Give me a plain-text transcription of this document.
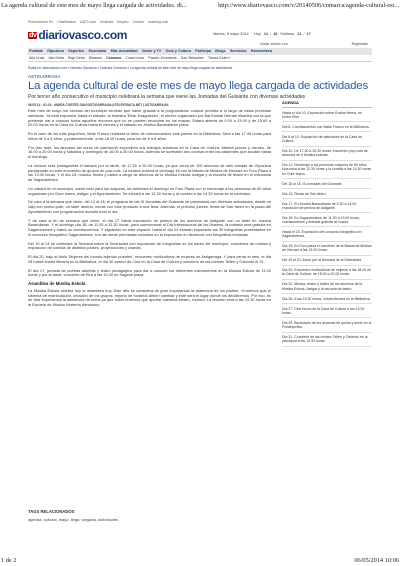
La agenda cultural de este mes de mayo llega cargada de actividades. di...	http://www.diariovasco.com/v/20140506/comarca/agenda-cultural-est...
Promociones DV Clasificados 11870.com Vivienda Empleo Coches muerhoy.com
dv diariovasco.com	Martes, 6 mayo 2014 Hoy 14 / 18 Mañana 12 / 17
Iniciar sesión con	Registrate
Portada Gipuzkoa Deportes Economía Más Actualidad Gente y TV Ocio y Cultura Participa Blogs Servicios Hemeroteca
Alto Urola Alto Deba Bajo Deba Bidasoa Comarca Costa Urola Pasaia -Errenteria San Sebastián Tolosa Goierri
Estás en: diariovasco.com » Noticias Gipuzkoa » Noticias Comarca » La agenda cultural de este mes de mayo llega cargada de actividades
ASTIGARRAGA
La agenda cultural de este mes de mayo llega cargada de actividades
Por tercer año consecutivo el municipio celebrará la semana que viene las Jornadas del Guisante con diversas actividades
06.05.14 - 01:15 - MARÍA CORTÉS DIAGOSTIGARRAGA@TELEFONICA.NET | ASTIGARRAGA.

Este mes de mayo los vecinos del municipio tendrán que hacer gracias a la programación cultural prevista a lo largo de estas próximas semanas. Ya está expuesta, hasta el sábado, la muestra 'Elkar Ezagutzeko', el obrero organizado por Bat Euskal Herriari elkartea con la que pretende dar a conocer todos aquellos rincones que no se pueden encontrar en los mapas. Estará abierta de 9.00 a 13.00 y de 15.00 a 20.00 horas en la Casa de Cultura hasta el viernes y el sábado en Joseba Barandiaran plaza.

En el caso de los más pequeños, Mate Franco realizará la labor de cuentacuentos este jueves en la Biblioteca. Será a las 17.45 horas para niños de 3 a 5 años, y posteriormente, a las 18.15 horas, para los de 6 a 8 años.

Por otro lado, los alumnos del curso de patchwork expondrán sus trabajos artísticos en la Casa de Cultura. Abierta jueves y viernes, de 16.00 a 20.00 horas y sábados y domingos de 16.00 a 20.00 horas. Además se sortearán dos colchas entre los asistentes que acudan hasta el domingo.

La música será protagonista el sábado por la tarde, de 17.00 a 20.30 horas, ya que cerca de 100 alumnos de seis bandas de Gipuzkoa participarán en este encuentro de grupos de pop-rock. La música volverá el domingo 18 con la Banda de Música de Hernani en Foru Plaza a las 13.00 horas. Y el día 24, música, teatro y bailes a cargo de alumnos de la Musika Eskola, Astigar y la escuela de teatro en el manzanal de Sagardoetxea.

Un clásico en el municipio, sobre todo para los mayores, se celebrará el domingo en Foru Plaza con el homenaje a los personas de 80 años organizado por Gure Izarra, Astigar y el Ayuntamiento. Se iniciará a las 12.30 horas y la comida a las 14.30 horas en la sociedad.

De cara a la semana que viene, del 12 al 16, el programa de las III Jornadas del Guisante se presentará con diversas actividades, desde un rally con pintxo-pote, un taller abierto, cenas con este producto a una feria. Además, el próximo jueves, fiesta de San Isidro en la plaza del Ayuntamiento con programación durante todo el día.

Y de cara al fin de semana que viene, el día 17 habrá exposición de pintura de los alumnos de Astigarte con un taller en Joseba Barandiaran. Y el domingo día 18, de 11.00 a 13.30 horas, para conmemorar el Día Internacional de los Museos, la entrada será gratuita en Sagardoetxea y habrá un cuentacuentos. Y siguiendo en este espacio, hasta el día 24 estarán expuestas las 39 fotografías presentadas en el concurso fotográfico Sagardoetxea, con las obras premiadas incluidas en la exposición en facebook con fotografías enviadas.

Del 19 al 24 se celebrará la Semana sobre la Diversidad con exposición de fotografías en los bares del municipio, conciertos de música y exposición de comida de distintos países, proyecciones y charlas.

El día 20, bajo el título 'Mujeres del mundo tejiendo puentes', encuentro multicultural de mujeres de Astigarraga. Y para cerrar el mes, el día 28 habrá charla literaria en la Biblioteca, el día 30 sesión de Cine en la Casa de Cultura y concierto de las corales Tellerí y Oztondo el 31.

El día 17, jornada de puertas abiertas y teatro pedagógico para dar a conocer los diferentes instrumentos en la Musika Eskola de 11.00 horas y por la tarde, concierto de Eira a las 19.30 en Sagardi plaza.

Asamblea de Musika Eskola

La Musika Eskola celebra hoy la asamblea hoy. Este año se considera de gran importancia la asistencia de los padres. «Creemos que el sistema de matriculación, creación de los grupos, reparto de horarios deben cambiar y este será el lugar dónde los decidiremos. Por eso, es de vital importancia la asistencia de todos ya que todos tenemos que aportar nuestras ideas», indican. La reunión será a las 19.30 horas en la Escuela de Música Norberto Almandoz.

AGENDA
Hasta el día 10. Exposición sobre Euskal Herria, en Kultur Etxe.
Día 8. Cuentacuentos con Maite Franco en la Biblioteca.
Del 8 al 10. Exposición de patchwork en la Casa de Cultura.
Día 10. De 17.00 a 20.30 horas, encuentro pop-rock de alumnos de 6 Musika eskolas.
Día 11. Homenaje a las personas mayores de 80 años. Una misa a las 12.30 horas y la comida a las 14.30 horas en Gure Izarra.
Del 15 al 16. III Jornadas del Guisante.
Día 15. Fiesta de San Isidro.
Día 17. En Joseba Barandiaran de 9.30 a 14.00, exposición de pintura de Astigarte.
Día 18. En Sagardoetxea, de 11.00 a 13.00 horas, cuentacuentos y entrada gratuita al museo.
Hasta el 24. Exposición del concurso fotográfico en Sagardoetxea.
Día 18. En Foru plaza el concierto de la Banda de Música de Hernani a las 13.00 horas.
Del 19 al 24. Actos por la Semana de la Diversidad.
Día 20. Encuentro multicultural de mujeres a las 18.00 en la Casa de Cultura, de 18.00 a 20.00 horas.
Día 24. Música, teatro y bailes de los alumnos de la Musika Eskola, Astigar y la escuela de teatro.
Día 28. A las 19.30 horas, charla literaria en la Biblioteca.
Día 27. Cine forum en la Casa de Cultura a las 19.30 horas.
Día 29. Bertsolaris de los alumnos de quinto y sexto en el Polideportivo.
Día 31. Concierto de las corales Tellerí y Oztondo en la parroquia a las 19.30 horas.
TAGS RELACIONADOS
agenda, cultural, mayo, llega, cargada, actividades
1 de 2	06/05/2014 10:06
